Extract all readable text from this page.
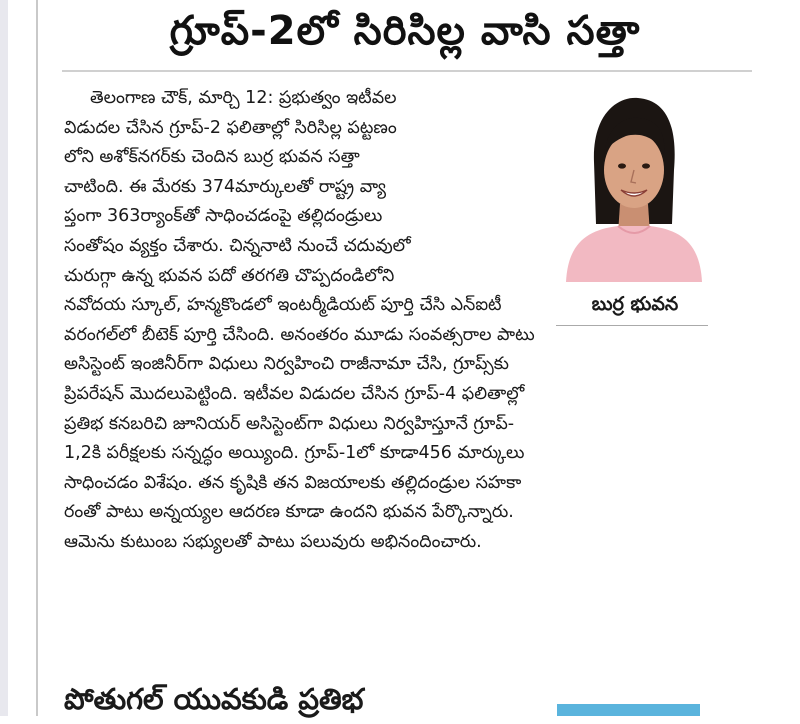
గ్రూప్-2లో సిరిసిల్ల వాసి సత్తా
బుర్ర భువన
తెలంగాణ చౌక్, మార్చి 12: ప్రభుత్వం ఇటీవల
విడుదల చేసిన గ్రూప్-2 ఫలితాల్లో సిరిసిల్ల పట్టణం
లోని అశోక్‌నగర్‌కు చెందిన బుర్ర భువన సత్తా
చాటింది. ఈ మేరకు 374మార్కులతో రాష్ట్ర వ్యా
ప్తంగా 363ర్యాంక్‌తో సాధించడంపై తల్లిదండ్రులు
సంతోషం వ్యక్తం చేశారు. చిన్ననాటి నుంచే చదువులో
చురుగ్గా ఉన్న భువన పదో తరగతి చొప్పదండిలోని
నవోదయ స్కూల్, హన్మకొండలో ఇంటర్మీడియట్ పూర్తి చేసి ఎన్ఐటీ
వరంగల్‌లో బీటెక్ పూర్తి చేసింది. అనంతరం మూడు సంవత్సరాల పాటు
అసిస్టెంట్ ఇంజినీర్‌గా విధులు నిర్వహించి రాజీనామా చేసి, గ్రూప్స్‌కు
ప్రిపరేషన్ మొదలుపెట్టింది. ఇటీవల విడుదల చేసిన గ్రూప్-4 ఫలితాల్లో
ప్రతిభ కనబరిచి జూనియర్ అసిస్టెంట్‌గా విధులు నిర్వహిస్తూనే గ్రూప్-
1,2కి పరీక్షలకు సన్నద్ధం అయ్యింది. గ్రూప్-1లో కూడా456 మార్కులు
సాధించడం విశేషం. తన కృషికి తన విజయాలకు తల్లిదండ్రుల సహకా
రంతో పాటు అన్నయ్యల ఆదరణ కూడా ఉందని భువన పేర్కొన్నారు.
ఆమెను కుటుంబ సభ్యులతో పాటు పలువురు అభినందించారు.
పోతుగల్ యువకుడి ప్రతిభ
